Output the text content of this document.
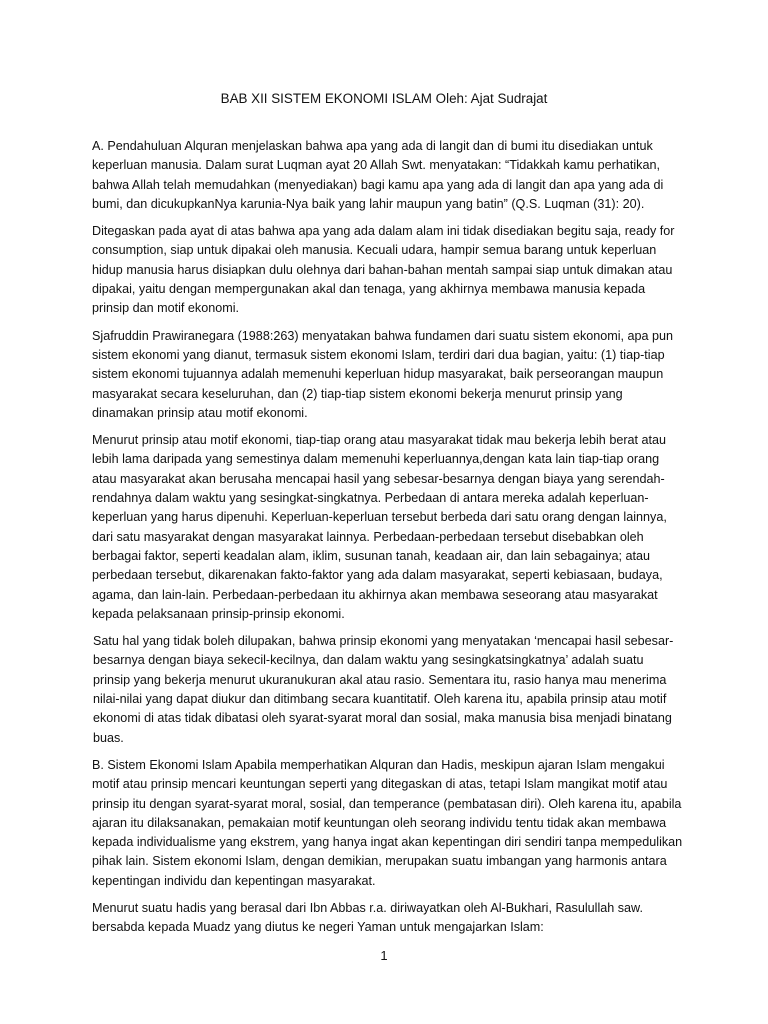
BAB XII SISTEM EKONOMI ISLAM Oleh: Ajat Sudrajat

A. Pendahuluan Alquran menjelaskan bahwa apa yang ada di langit dan di bumi itu disediakan untuk keperluan manusia. Dalam surat Luqman ayat 20 Allah Swt. menyatakan: “Tidakkah kamu perhatikan, bahwa Allah telah memudahkan (menyediakan) bagi kamu apa yang ada di langit dan apa yang ada di bumi, dan dicukupkanNya karunia-Nya baik yang lahir maupun yang batin” (Q.S. Luqman (31): 20).

Ditegaskan pada ayat di atas bahwa apa yang ada dalam alam ini tidak disediakan begitu saja, ready for consumption, siap untuk dipakai oleh manusia. Kecuali udara, hampir semua barang untuk keperluan hidup manusia harus disiapkan dulu olehnya dari bahan-bahan mentah sampai siap untuk dimakan atau dipakai, yaitu dengan mempergunakan akal dan tenaga, yang akhirnya membawa manusia kepada prinsip dan motif ekonomi.

Sjafruddin Prawiranegara (1988:263) menyatakan bahwa fundamen dari suatu sistem ekonomi, apa pun sistem ekonomi yang dianut, termasuk sistem ekonomi Islam, terdiri dari dua bagian, yaitu: (1) tiap-tiap sistem ekonomi tujuannya adalah memenuhi keperluan hidup masyarakat, baik perseorangan maupun masyarakat secara keseluruhan, dan (2) tiap-tiap sistem ekonomi bekerja menurut prinsip yang dinamakan prinsip atau motif ekonomi.

Menurut prinsip atau motif ekonomi, tiap-tiap orang atau masyarakat tidak mau bekerja lebih berat atau lebih lama daripada yang semestinya dalam memenuhi keperluannya,dengan kata lain tiap-tiap orang atau masyarakat akan berusaha mencapai hasil yang sebesar-besarnya dengan biaya yang serendah-rendahnya dalam waktu yang sesingkat-singkatnya. Perbedaan di antara mereka adalah keperluan-keperluan yang harus dipenuhi. Keperluan-keperluan tersebut berbeda dari satu orang dengan lainnya, dari satu masyarakat dengan masyarakat lainnya. Perbedaan-perbedaan tersebut disebabkan oleh berbagai faktor, seperti keadalan alam, iklim, susunan tanah, keadaan air, dan lain sebagainya; atau perbedaan tersebut, dikarenakan fakto-faktor yang ada dalam masyarakat, seperti kebiasaan, budaya, agama, dan lain-lain. Perbedaan-perbedaan itu akhirnya akan membawa seseorang atau masyarakat kepada pelaksanaan prinsip-prinsip ekonomi.

Satu hal yang tidak boleh dilupakan, bahwa prinsip ekonomi yang menyatakan ‘mencapai hasil sebesar-besarnya dengan biaya sekecil-kecilnya, dan dalam waktu yang sesingkatsingkatnya’ adalah suatu prinsip yang bekerja menurut ukuranukuran akal atau rasio. Sementara itu, rasio hanya mau menerima nilai-nilai yang dapat diukur dan ditimbang secara kuantitatif. Oleh karena itu, apabila prinsip atau motif ekonomi di atas tidak dibatasi oleh syarat-syarat moral dan sosial, maka manusia bisa menjadi binatang buas.

B. Sistem Ekonomi Islam Apabila memperhatikan Alquran dan Hadis, meskipun ajaran Islam mengakui motif atau prinsip mencari keuntungan seperti yang ditegaskan di atas, tetapi Islam mangikat motif atau prinsip itu dengan syarat-syarat moral, sosial, dan temperance (pembatasan diri). Oleh karena itu, apabila ajaran itu dilaksanakan, pemakaian motif keuntungan oleh seorang individu tentu tidak akan membawa kepada individualisme yang ekstrem, yang hanya ingat akan kepentingan diri sendiri tanpa mempedulikan pihak lain. Sistem ekonomi Islam, dengan demikian, merupakan suatu imbangan yang harmonis antara kepentingan individu dan kepentingan masyarakat.

Menurut suatu hadis yang berasal dari Ibn Abbas r.a. diriwayatkan oleh Al-Bukhari, Rasulullah saw. bersabda kepada Muadz yang diutus ke negeri Yaman untuk mengajarkan Islam:

1
